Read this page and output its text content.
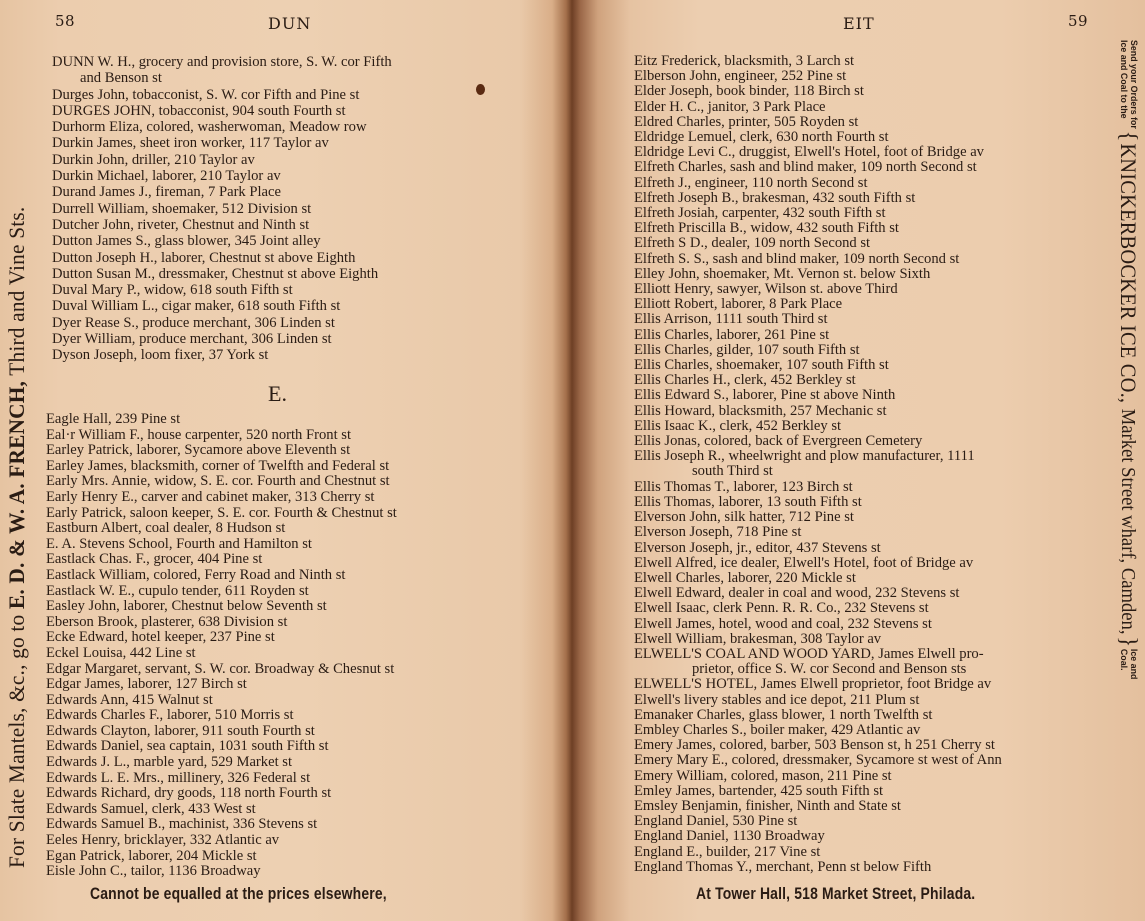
58	DUN
DUNN W. H., grocery and provision store, S. W. cor Fifth
and Benson st
Durges John, tobacconist, S. W. cor Fifth and Pine st
DURGES JOHN, tobacconist, 904 south Fourth st
Durhorm Eliza, colored, washerwoman, Meadow row
Durkin James, sheet iron worker, 117 Taylor av
Durkin John, driller, 210 Taylor av
Durkin Michael, laborer, 210 Taylor av
Durand James J., fireman, 7 Park Place
Durrell William, shoemaker, 512 Division st
Dutcher John, riveter, Chestnut and Ninth st
Dutton James S., glass blower, 345 Joint alley
Dutton Joseph H., laborer, Chestnut st above Eighth
Dutton Susan M., dressmaker, Chestnut st above Eighth
Duval Mary P., widow, 618 south Fifth st
Duval William L., cigar maker, 618 south Fifth st
Dyer Rease S., produce merchant, 306 Linden st
Dyer William, produce merchant, 306 Linden st
Dyson Joseph, loom fixer, 37 York st
E.
Eagle Hall, 239 Pine st
Eal·r William F., house carpenter, 520 north Front st
Earley Patrick, laborer, Sycamore above Eleventh st
Earley James, blacksmith, corner of Twelfth and Federal st
Early Mrs. Annie, widow, S. E. cor. Fourth and Chestnut st
Early Henry E., carver and cabinet maker, 313 Cherry st
Early Patrick, saloon keeper, S. E. cor. Fourth & Chestnut st
Eastburn Albert, coal dealer, 8 Hudson st
E. A. Stevens School, Fourth and Hamilton st
Eastlack Chas. F., grocer, 404 Pine st
Eastlack William, colored, Ferry Road and Ninth st
Eastlack W. E., cupulo tender, 611 Royden st
Easley John, laborer, Chestnut below Seventh st
Eberson Brook, plasterer, 638 Division st
Ecke Edward, hotel keeper, 237 Pine st
Eckel Louisa, 442 Line st
Edgar Margaret, servant, S. W. cor. Broadway & Chesnut st
Edgar James, laborer, 127 Birch st
Edwards Ann, 415 Walnut st
Edwards Charles F., laborer, 510 Morris st
Edwards Clayton, laborer, 911 south Fourth st
Edwards Daniel, sea captain, 1031 south Fifth st
Edwards J. L., marble yard, 529 Market st
Edwards L. E. Mrs., millinery, 326 Federal st
Edwards Richard, dry goods, 118 north Fourth st
Edwards Samuel, clerk, 433 West st
Edwards Samuel B., machinist, 336 Stevens st
Eeles Henry, bricklayer, 332 Atlantic av
Egan Patrick, laborer, 204 Mickle st
Eisle John C., tailor, 1136 Broadway
Cannot be equalled at the prices elsewhere,
For Slate Mantels, &c., go to E. D. & W. A. FRENCH, Third and Vine Sts.
EIT	59
Eitz Frederick, blacksmith, 3 Larch st
Elberson John, engineer, 252 Pine st
Elder Joseph, book binder, 118 Birch st
Elder H. C., janitor, 3 Park Place
Eldred Charles, printer, 505 Royden st
Eldridge Lemuel, clerk, 630 north Fourth st
Eldridge Levi C., druggist, Elwell's Hotel, foot of Bridge av
Elfreth Charles, sash and blind maker, 109 north Second st
Elfreth J., engineer, 110 north Second st
Elfreth Joseph B., brakesman, 432 south Fifth st
Elfreth Josiah, carpenter, 432 south Fifth st
Elfreth Priscilla B., widow, 432 south Fifth st
Elfreth S D., dealer, 109 north Second st
Elfreth S. S., sash and blind maker, 109 north Second st
Elley John, shoemaker, Mt. Vernon st. below Sixth
Elliott Henry, sawyer, Wilson st. above Third
Elliott Robert, laborer, 8 Park Place
Ellis Arrison, 1111 south Third st
Ellis Charles, laborer, 261 Pine st
Ellis Charles, gilder, 107 south Fifth st
Ellis Charles, shoemaker, 107 south Fifth st
Ellis Charles H., clerk, 452 Berkley st
Ellis Edward S., laborer, Pine st above Ninth
Ellis Howard, blacksmith, 257 Mechanic st
Ellis Isaac K., clerk, 452 Berkley st
Ellis Jonas, colored, back of Evergreen Cemetery
Ellis Joseph R., wheelwright and plow manufacturer, 1111
south Third st
Ellis Thomas T., laborer, 123 Birch st
Ellis Thomas, laborer, 13 south Fifth st
Elverson John, silk hatter, 712 Pine st
Elverson Joseph, 718 Pine st
Elverson Joseph, jr., editor, 437 Stevens st
Elwell Alfred, ice dealer, Elwell's Hotel, foot of Bridge av
Elwell Charles, laborer, 220 Mickle st
Elwell Edward, dealer in coal and wood, 232 Stevens st
Elwell Isaac, clerk Penn. R. R. Co., 232 Stevens st
Elwell James, hotel, wood and coal, 232 Stevens st
Elwell William, brakesman, 308 Taylor av
ELWELL'S COAL AND WOOD YARD, James Elwell pro-
prietor, office S. W. cor Second and Benson sts
ELWELL'S HOTEL, James Elwell proprietor, foot Bridge av
Elwell's livery stables and ice depot, 211 Plum st
Emanaker Charles, glass blower, 1 north Twelfth st
Embley Charles S., boiler maker, 429 Atlantic av
Emery James, colored, barber, 503 Benson st, h 251 Cherry st
Emery Mary E., colored, dressmaker, Sycamore st west of Ann
Emery William, colored, mason, 211 Pine st
Emley James, bartender, 425 south Fifth st
Emsley Benjamin, finisher, Ninth and State st
England Daniel, 530 Pine st
England Daniel, 1130 Broadway
England E., builder, 217 Vine st
England Thomas Y., merchant, Penn st below Fifth
At Tower Hall, 518 Market Street, Philada.
Send your Orders for
Ice and Coal to the
{
KNICKERBOCKER ICE CO.,
Market Street wharf, Camden,
}
Ice and
Coal.
